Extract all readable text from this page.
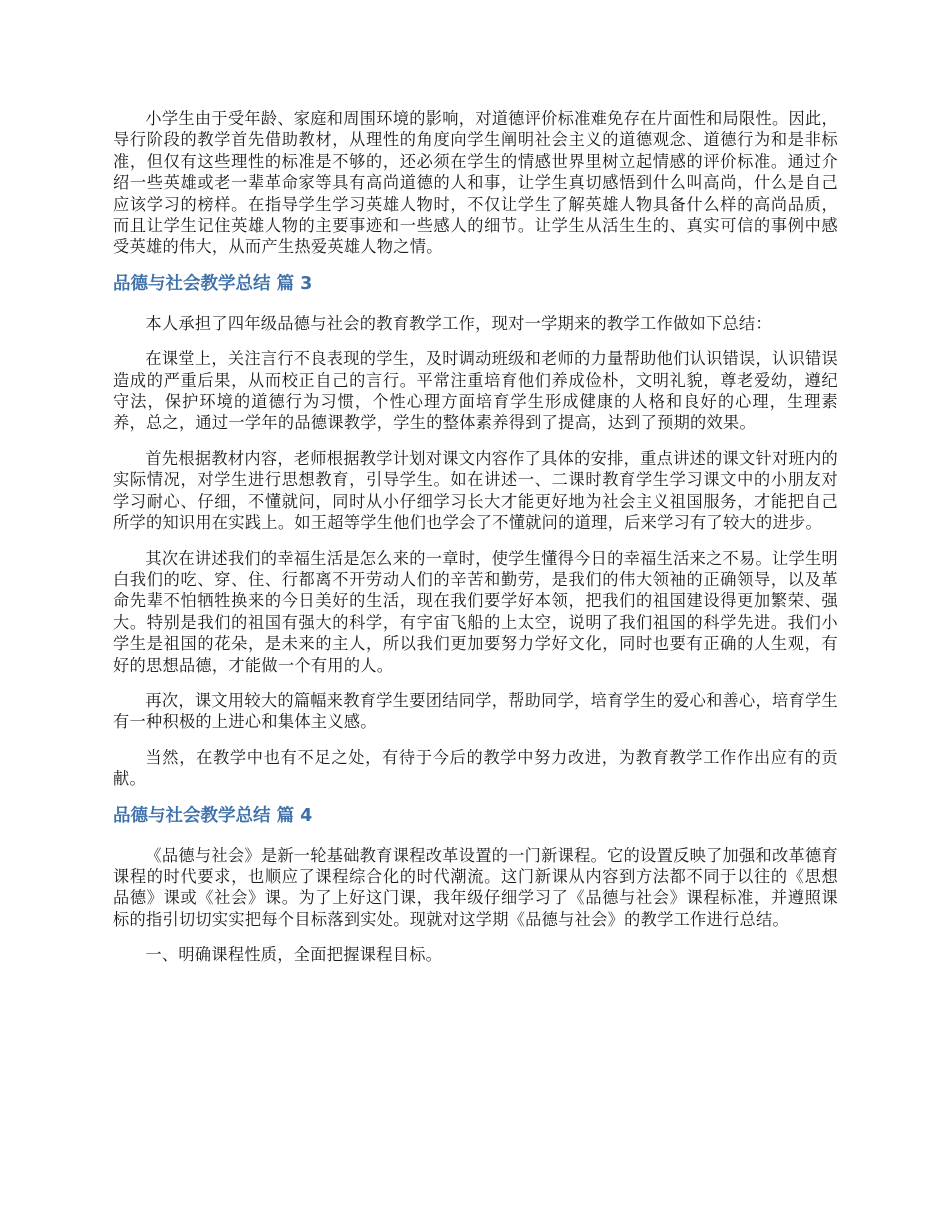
小学生由于受年龄、家庭和周围环境的影响，对道德评价标准难免存在片面性和局限性。因此，导行阶段的教学首先借助教材，从理性的角度向学生阐明社会主义的道德观念、道德行为和是非标准，但仅有这些理性的标准是不够的，还必须在学生的情感世界里树立起情感的评价标准。通过介绍一些英雄或老一辈革命家等具有高尚道德的人和事，让学生真切感悟到什么叫高尚，什么是自己应该学习的榜样。在指导学生学习英雄人物时，不仅让学生了解英雄人物具备什么样的高尚品质，而且让学生记住英雄人物的主要事迹和一些感人的细节。让学生从活生生的、真实可信的事例中感受英雄的伟大，从而产生热爱英雄人物之情。

品德与社会教学总结 篇 3

本人承担了四年级品德与社会的教育教学工作，现对一学期来的教学工作做如下总结：

在课堂上，关注言行不良表现的学生，及时调动班级和老师的力量帮助他们认识错误，认识错误造成的严重后果，从而校正自己的言行。平常注重培育他们养成俭朴，文明礼貌，尊老爱幼，遵纪守法，保护环境的道德行为习惯，个性心理方面培育学生形成健康的人格和良好的心理，生理素养，总之，通过一学年的品德课教学，学生的整体素养得到了提高，达到了预期的效果。

首先根据教材内容，老师根据教学计划对课文内容作了具体的安排，重点讲述的课文针对班内的实际情况，对学生进行思想教育，引导学生。如在讲述一、二课时教育学生学习课文中的小朋友对学习耐心、仔细，不懂就问，同时从小仔细学习长大才能更好地为社会主义祖国服务，才能把自己所学的知识用在实践上。如王超等学生他们也学会了不懂就问的道理，后来学习有了较大的进步。

其次在讲述我们的幸福生活是怎么来的一章时，使学生懂得今日的幸福生活来之不易。让学生明白我们的吃、穿、住、行都离不开劳动人们的辛苦和勤劳，是我们的伟大领袖的正确领导，以及革命先辈不怕牺牲换来的今日美好的生活，现在我们要学好本领，把我们的祖国建设得更加繁荣、强大。特别是我们的祖国有强大的科学，有宇宙飞船的上太空，说明了我们祖国的科学先进。我们小学生是祖国的花朵，是未来的主人，所以我们更加要努力学好文化，同时也要有正确的人生观，有好的思想品德，才能做一个有用的人。

再次，课文用较大的篇幅来教育学生要团结同学，帮助同学，培育学生的爱心和善心，培育学生有一种积极的上进心和集体主义感。

当然，在教学中也有不足之处，有待于今后的教学中努力改进，为教育教学工作作出应有的贡献。

品德与社会教学总结 篇 4

《品德与社会》是新一轮基础教育课程改革设置的一门新课程。它的设置反映了加强和改革德育课程的时代要求，也顺应了课程综合化的时代潮流。这门新课从内容到方法都不同于以往的《思想品德》课或《社会》课。为了上好这门课，我年级仔细学习了《品德与社会》课程标准，并遵照课标的指引切切实实把每个目标落到实处。现就对这学期《品德与社会》的教学工作进行总结。

一、明确课程性质，全面把握课程目标。
